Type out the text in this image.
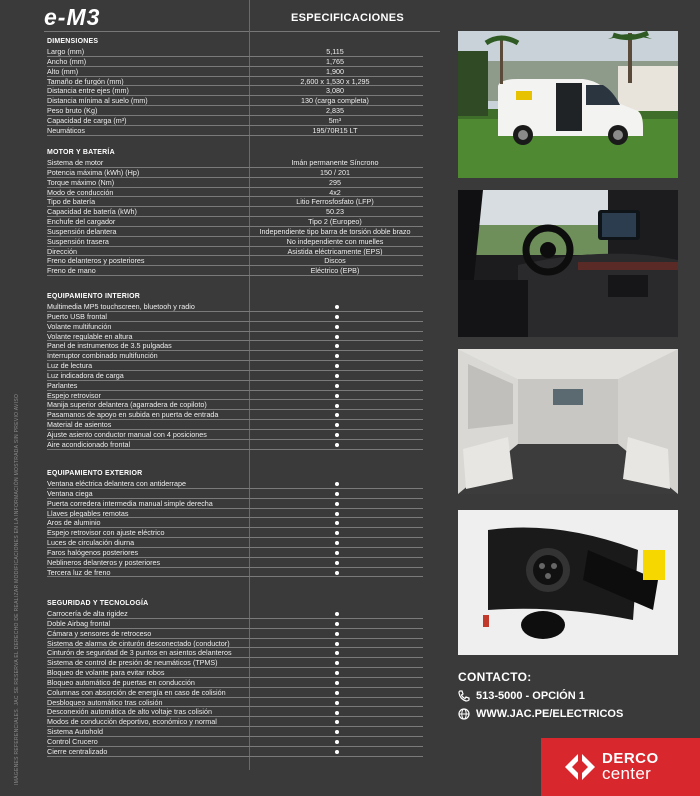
e-M3	ESPECIFICACIONES
IMÁGENES REFERENCIALES. JAC SE RESERVA EL DERECHO DE REALIZAR MODIFICACIONES EN LA INFORMACIÓN MOSTRADA SIN PREVIO AVISO
DIMENSIONES
Largo (mm)	5,115
Ancho (mm)	1,765
Alto (mm)	1,900
Tamaño de furgón (mm)	2,600 x 1,530 x 1,295
Distancia entre ejes (mm)	3,080
Distancia mínima al suelo (mm)	130 (carga completa)
Peso bruto (Kg)	2,835
Capacidad de carga (m³)	5m³
Neumáticos	195/70R15 LT
MOTOR Y BATERÍA
Sistema de motor	Imán permanente Síncrono
Potencia máxima (kWh) (Hp)	150 / 201
Torque máximo (Nm)	295
Modo de conducción	4x2
Tipo de batería	Litio Ferrosfosfato (LFP)
Capacidad de batería (kWh)	50.23
Enchufe del cargador	Tipo 2 (Europeo)
Suspensión delantera	Independiente tipo barra de torsión doble brazo
Suspensión trasera	No independiente con muelles
Dirección	Asistida eléctricamente (EPS)
Freno delanteros y posteriores	Discos
Freno de mano	Eléctrico (EPB)
EQUIPAMIENTO INTERIOR
Multimedia MP5 touchscreen, bluetooh y radio
Puerto USB frontal
Volante multifunción
Volante regulable en altura
Panel de instrumentos de 3.5 pulgadas
Interruptor combinado multifunción
Luz de lectura
Luz indicadora de carga
Parlantes
Espejo retrovisor
Manija superior delantera (agarradera de copiloto)
Pasamanos de apoyo en subida en puerta de entrada
Material de asientos
Ajuste asiento conductor manual con 4 posiciones
Aire acondicionado frontal
EQUIPAMIENTO EXTERIOR
Ventana eléctrica delantera con antiderrape
Ventana ciega
Puerta corredera intermedia manual simple derecha
Llaves plegables remotas
Aros de aluminio
Espejo retrovisor con ajuste eléctrico
Luces de circulación diurna
Faros halógenos posteriores
Neblineros delanteros y posteriores
Tercera luz de freno
SEGURIDAD Y TECNOLOGÍA
Carrocería de alta rigidez
Doble Airbag frontal
Cámara y sensores de retroceso
Sistema de alarma de cinturón desconectado (conductor)
Cinturón de seguridad de 3 puntos en asientos delanteros
Sistema de control de presión de neumáticos (TPMS)
Bloqueo de volante para evitar robos
Bloqueo automático de puertas en conducción
Columnas con absorción de energía en caso de colisión
Desbloqueo automático tras colisión
Desconexión automática de alto voltaje tras colisión
Modos de conducción deportivo, económico y normal
Sistema Autohold
Control Crucero
Cierre centralizado
CONTACTO:
513-5000 - OPCIÓN 1
WWW.JAC.PE/ELECTRICOS
DERCO
center
